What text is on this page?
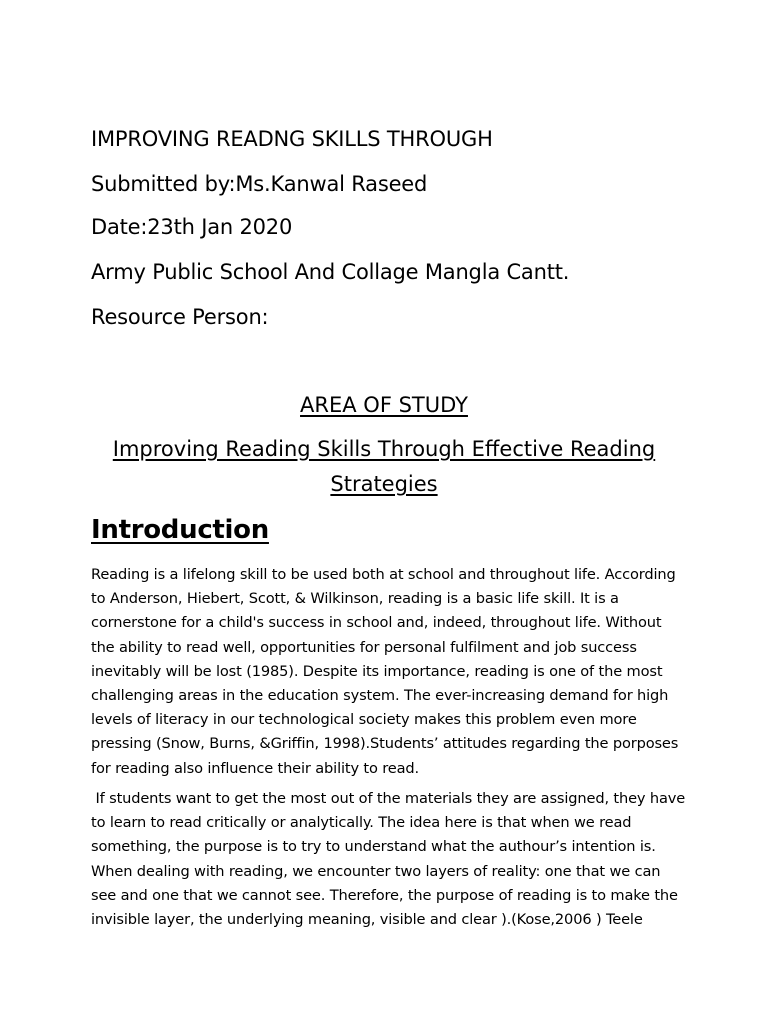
IMPROVING READNG SKILLS THROUGH
Submitted by:Ms.Kanwal Raseed
Date:23th Jan 2020
Army Public School And Collage Mangla Cantt.
Resource Person:
AREA OF STUDY
Improving Reading Skills Through Effective Reading
Strategies
Introduction
Reading is a lifelong skill to be used both at school and throughout life. According
to Anderson, Hiebert, Scott, & Wilkinson, reading is a basic life skill. It is a
cornerstone for a child's success in school and, indeed, throughout life. Without
the ability to read well, opportunities for personal fulfilment and job success
inevitably will be lost (1985). Despite its importance, reading is one of the most
challenging areas in the education system. The ever-increasing demand for high
levels of literacy in our technological society makes this problem even more
pressing (Snow, Burns, &Griffin, 1998).Students’ attitudes regarding the porposes
for reading also influence their ability to read.
If students want to get the most out of the materials they are assigned, they have
to learn to read critically or analytically. The idea here is that when we read
something, the purpose is to try to understand what the authour’s intention is.
When dealing with reading, we encounter two layers of reality: one that we can
see and one that we cannot see. Therefore, the purpose of reading is to make the
invisible layer, the underlying meaning, visible and clear ).(Kose,2006 ) Teele
